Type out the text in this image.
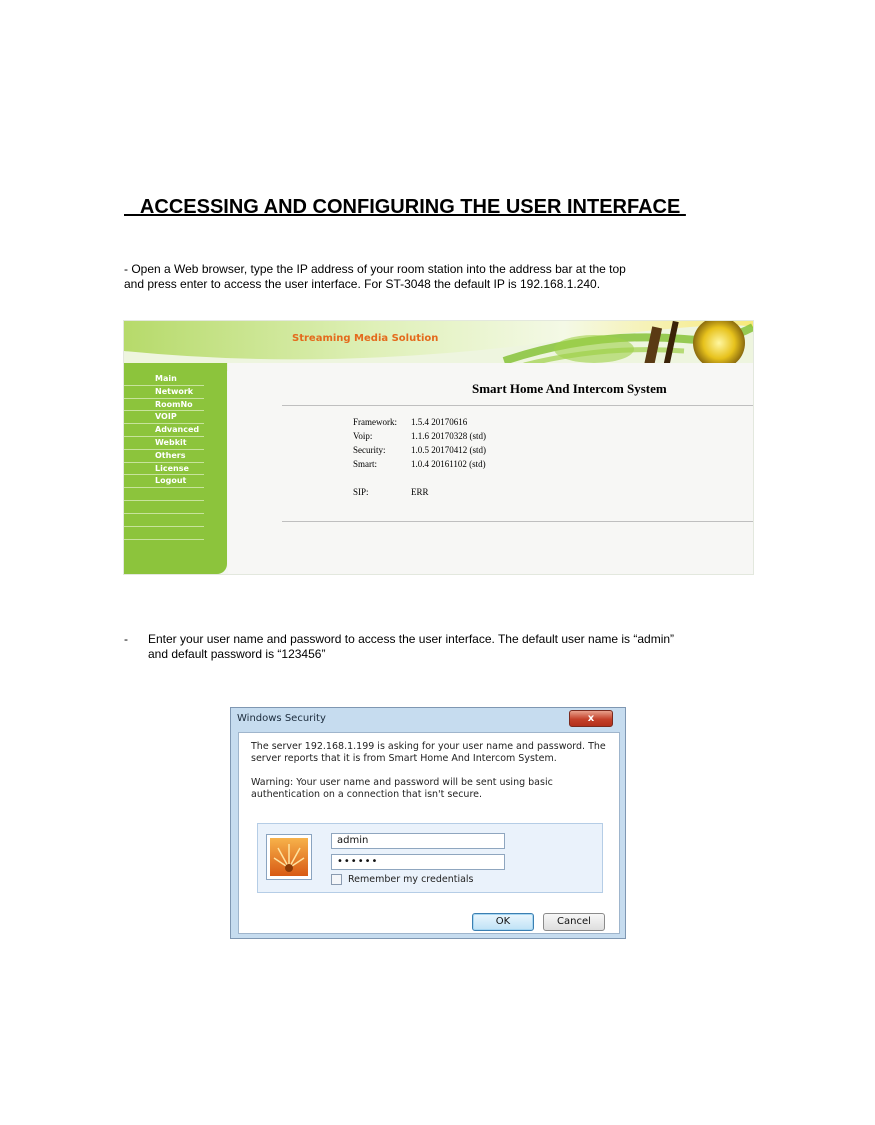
ACCESSING AND CONFIGURING THE USER INTERFACE
- Open a Web browser, type the IP address of your room station into the address bar at the top
and press enter to access the user interface. For ST-3048 the default IP is 192.168.1.240.
Streaming Media Solution
Main
Network
RoomNo
VOIP
Advanced
Webkit
Others
License
Logout
Smart Home And Intercom System
Framework: 1.5.4 20170616
Voip:	1.1.6 20170328 (std)
Security:	1.0.5 20170412 (std)
Smart:	1.0.4 20161102 (std)
SIP:	ERR
- Enter your user name and password to access the user interface. The default user name is “admin”
and default password is “123456”
Windows Security	x
The server 192.168.1.199 is asking for your user name and password. The
server reports that it is from Smart Home And Intercom System.
Warning: Your user name and password will be sent using basic
authentication on a connection that isn't secure.
admin
••••••
Remember my credentials
OK	Cancel
